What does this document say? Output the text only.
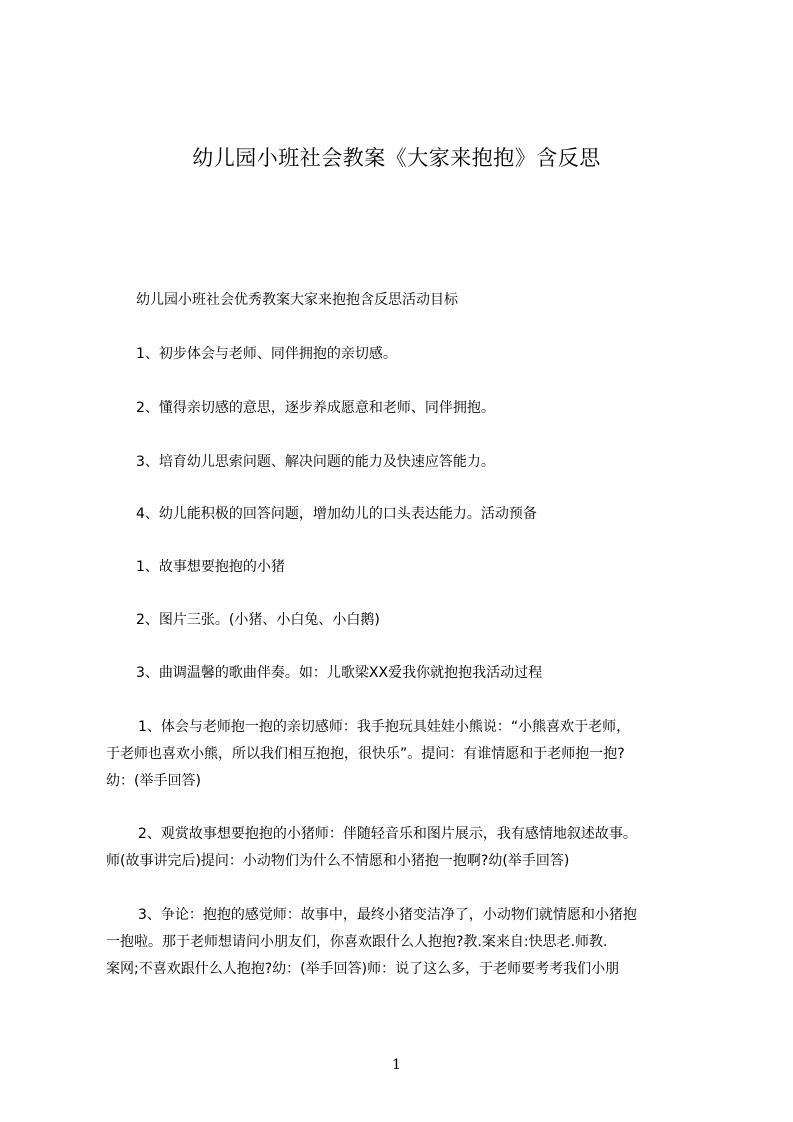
幼儿园小班社会教案《大家来抱抱》含反思
幼儿园小班社会优秀教案大家来抱抱含反思活动目标
1、初步体会与老师、同伴拥抱的亲切感。
2、懂得亲切感的意思，逐步养成愿意和老师、同伴拥抱。
3、培育幼儿思索问题、解决问题的能力及快速应答能力。
4、幼儿能积极的回答问题，增加幼儿的口头表达能力。活动预备
1、故事想要抱抱的小猪
2、图片三张。(小猪、小白兔、小白鹅)
3、曲调温馨的歌曲伴奏。如：儿歌梁XX爱我你就抱抱我活动过程
1、体会与老师抱一抱的亲切感师：我手抱玩具娃娃小熊说：“小熊喜欢于老师，
于老师也喜欢小熊，所以我们相互抱抱，很快乐”。提问：有谁情愿和于老师抱一抱?
幼：(举手回答)
2、观赏故事想要抱抱的小猪师：伴随轻音乐和图片展示，我有感情地叙述故事。
师(故事讲完后)提问：小动物们为什么不情愿和小猪抱一抱啊?幼(举手回答)
3、争论：抱抱的感觉师：故事中，最终小猪变洁净了，小动物们就情愿和小猪抱
一抱啦。那于老师想请问小朋友们，你喜欢跟什么人抱抱?教.案来自:快思老.师教.
案网;不喜欢跟什么人抱抱?幼：(举手回答)师：说了这么多，于老师要考考我们小朋
1
